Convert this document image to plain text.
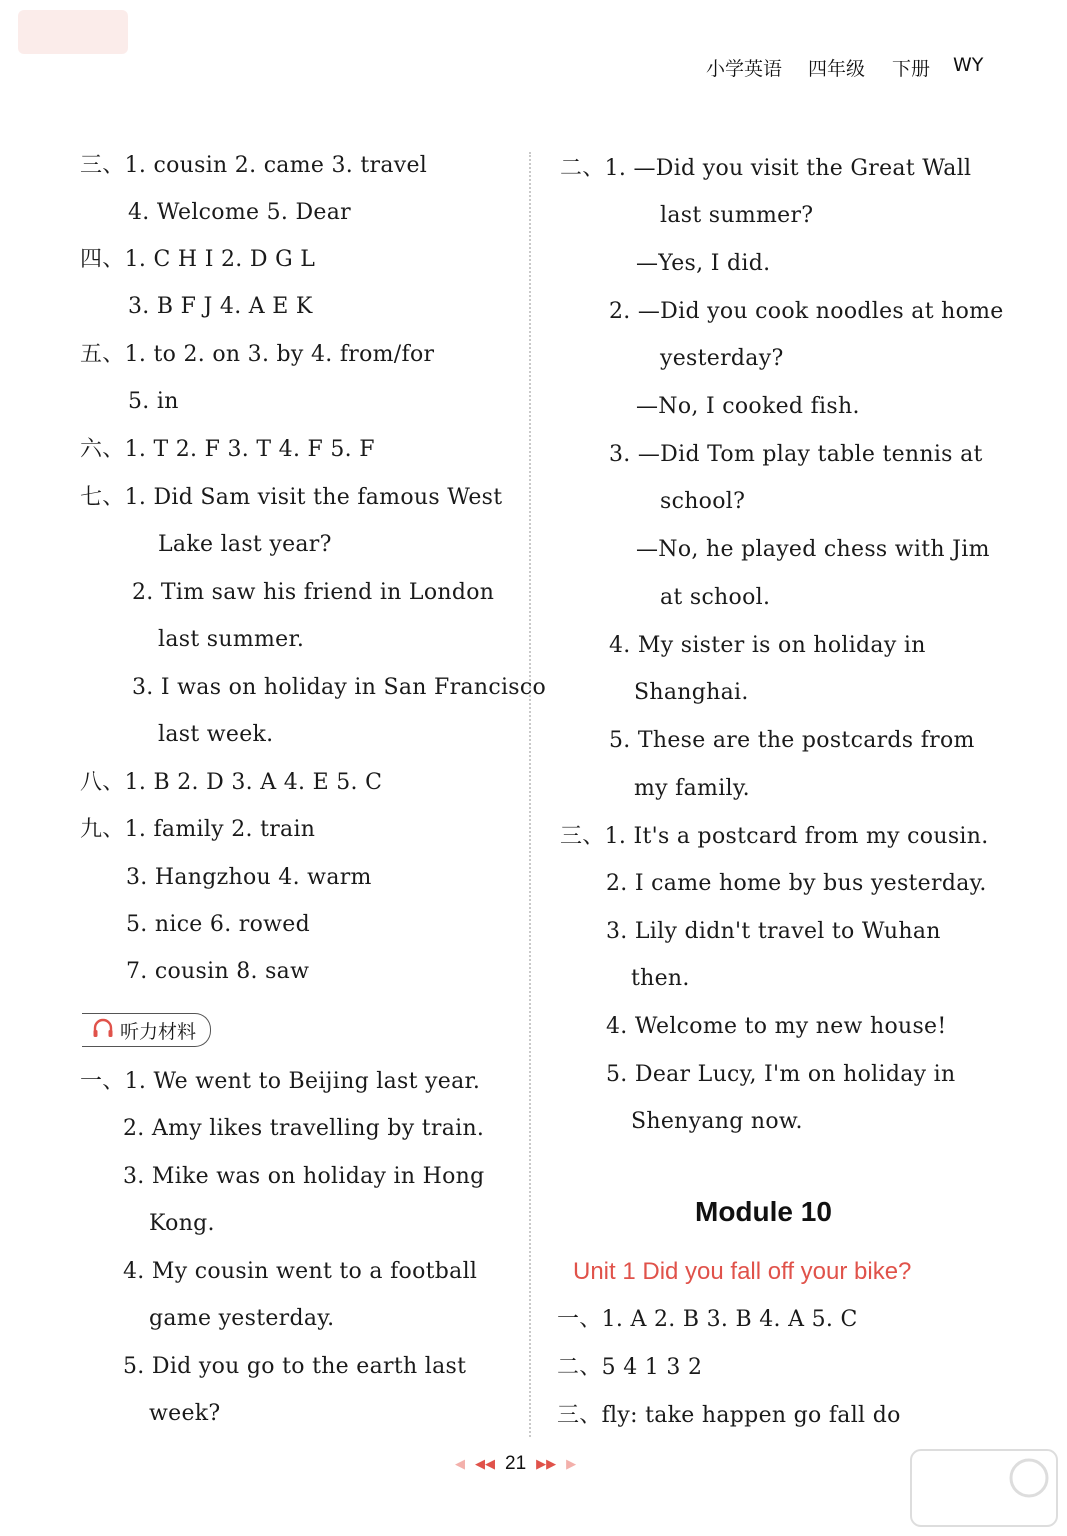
小学英语 四年级 下册 WY
三、1. cousin 2. came 3. travel
4. Welcome 5. Dear
四、1. C H I 2. D G L
3. B F J 4. A E K
五、1. to 2. on 3. by 4. from/for
5. in
六、1. T 2. F 3. T 4. F 5. F
七、1. Did Sam visit the famous West
Lake last year?
2. Tim saw his friend in London
last summer.
3. I was on holiday in San Francisco
last week.
八、1. B 2. D 3. A 4. E 5. C
九、1. family 2. train
3. Hangzhou 4. warm
5. nice 6. rowed
7. cousin 8. saw
听力材料
一、1. We went to Beijing last year.
2. Amy likes travelling by train.
3. Mike was on holiday in Hong
Kong.
4. My cousin went to a football
game yesterday.
5. Did you go to the earth last
week?
二、1. —Did you visit the Great Wall
last summer?
—Yes, I did.
2. —Did you cook noodles at home
yesterday?
—No, I cooked fish.
3. —Did Tom play table tennis at
school?
—No, he played chess with Jim
at school.
4. My sister is on holiday in
Shanghai.
5. These are the postcards from
my family.
三、1. It's a postcard from my cousin.
2. I came home by bus yesterday.
3. Lily didn't travel to Wuhan
then.
4. Welcome to my new house!
5. Dear Lucy, I'm on holiday in
Shenyang now.
Module 10
Unit 1 Did you fall off your bike?
一、1. A 2. B 3. B 4. A 5. C
二、5 4 1 3 2
三、fly: take happen go fall do
◀ ◀◀ 21 ▶▶ ▶
